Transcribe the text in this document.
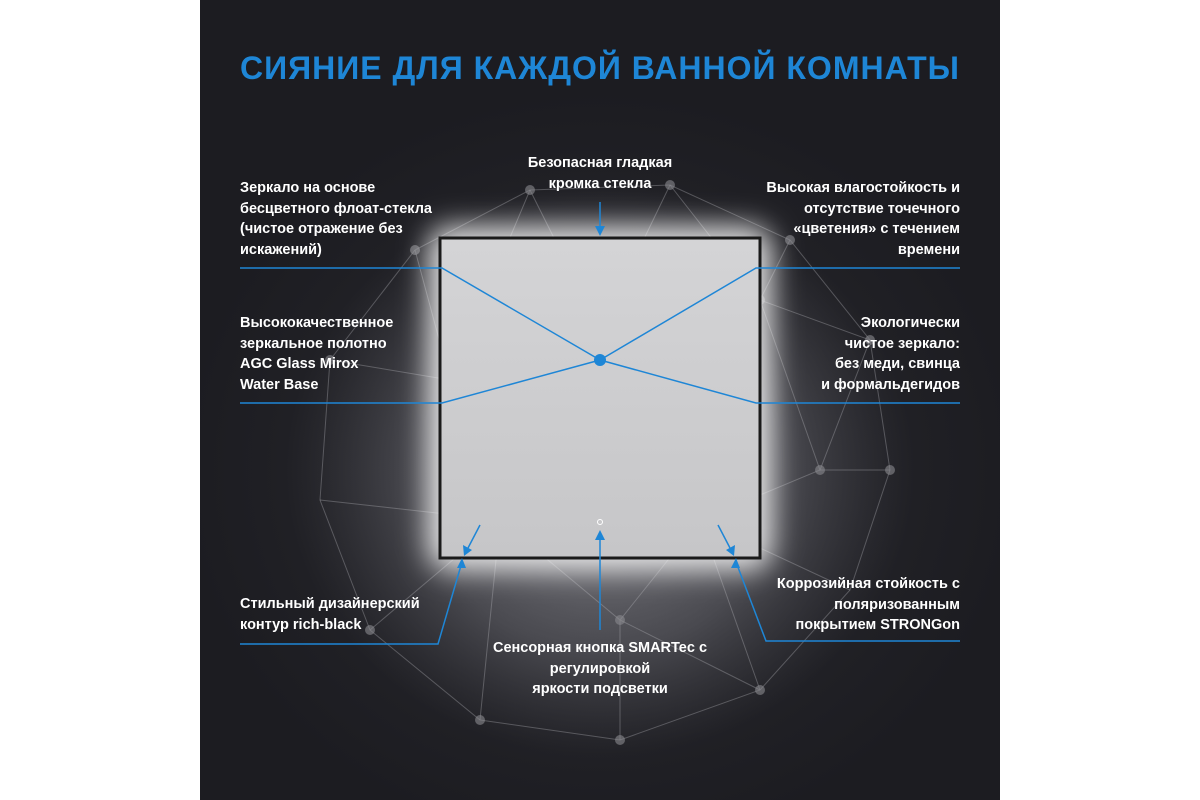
СИЯНИЕ ДЛЯ КАЖДОЙ ВАННОЙ КОМНАТЫ

Безопасная гладкая
кромка стекла

Зеркало на основе
бесцветного флоат-стекла
(чистое отражение без
искажений)

Высокая влагостойкость и
отсутствие точечного
«цветения» с течением
времени

Высококачественное
зеркальное полотно
AGC Glass Mirox
Water Base

Экологически
чистое зеркало:
без меди, свинца
и формальдегидов

Стильный дизайнерский
контур rich-black

Коррозийная стойкость с
поляризованным
покрытием STRONGon

Сенсорная кнопка SMARTec с
регулировкой
яркости подсветки
